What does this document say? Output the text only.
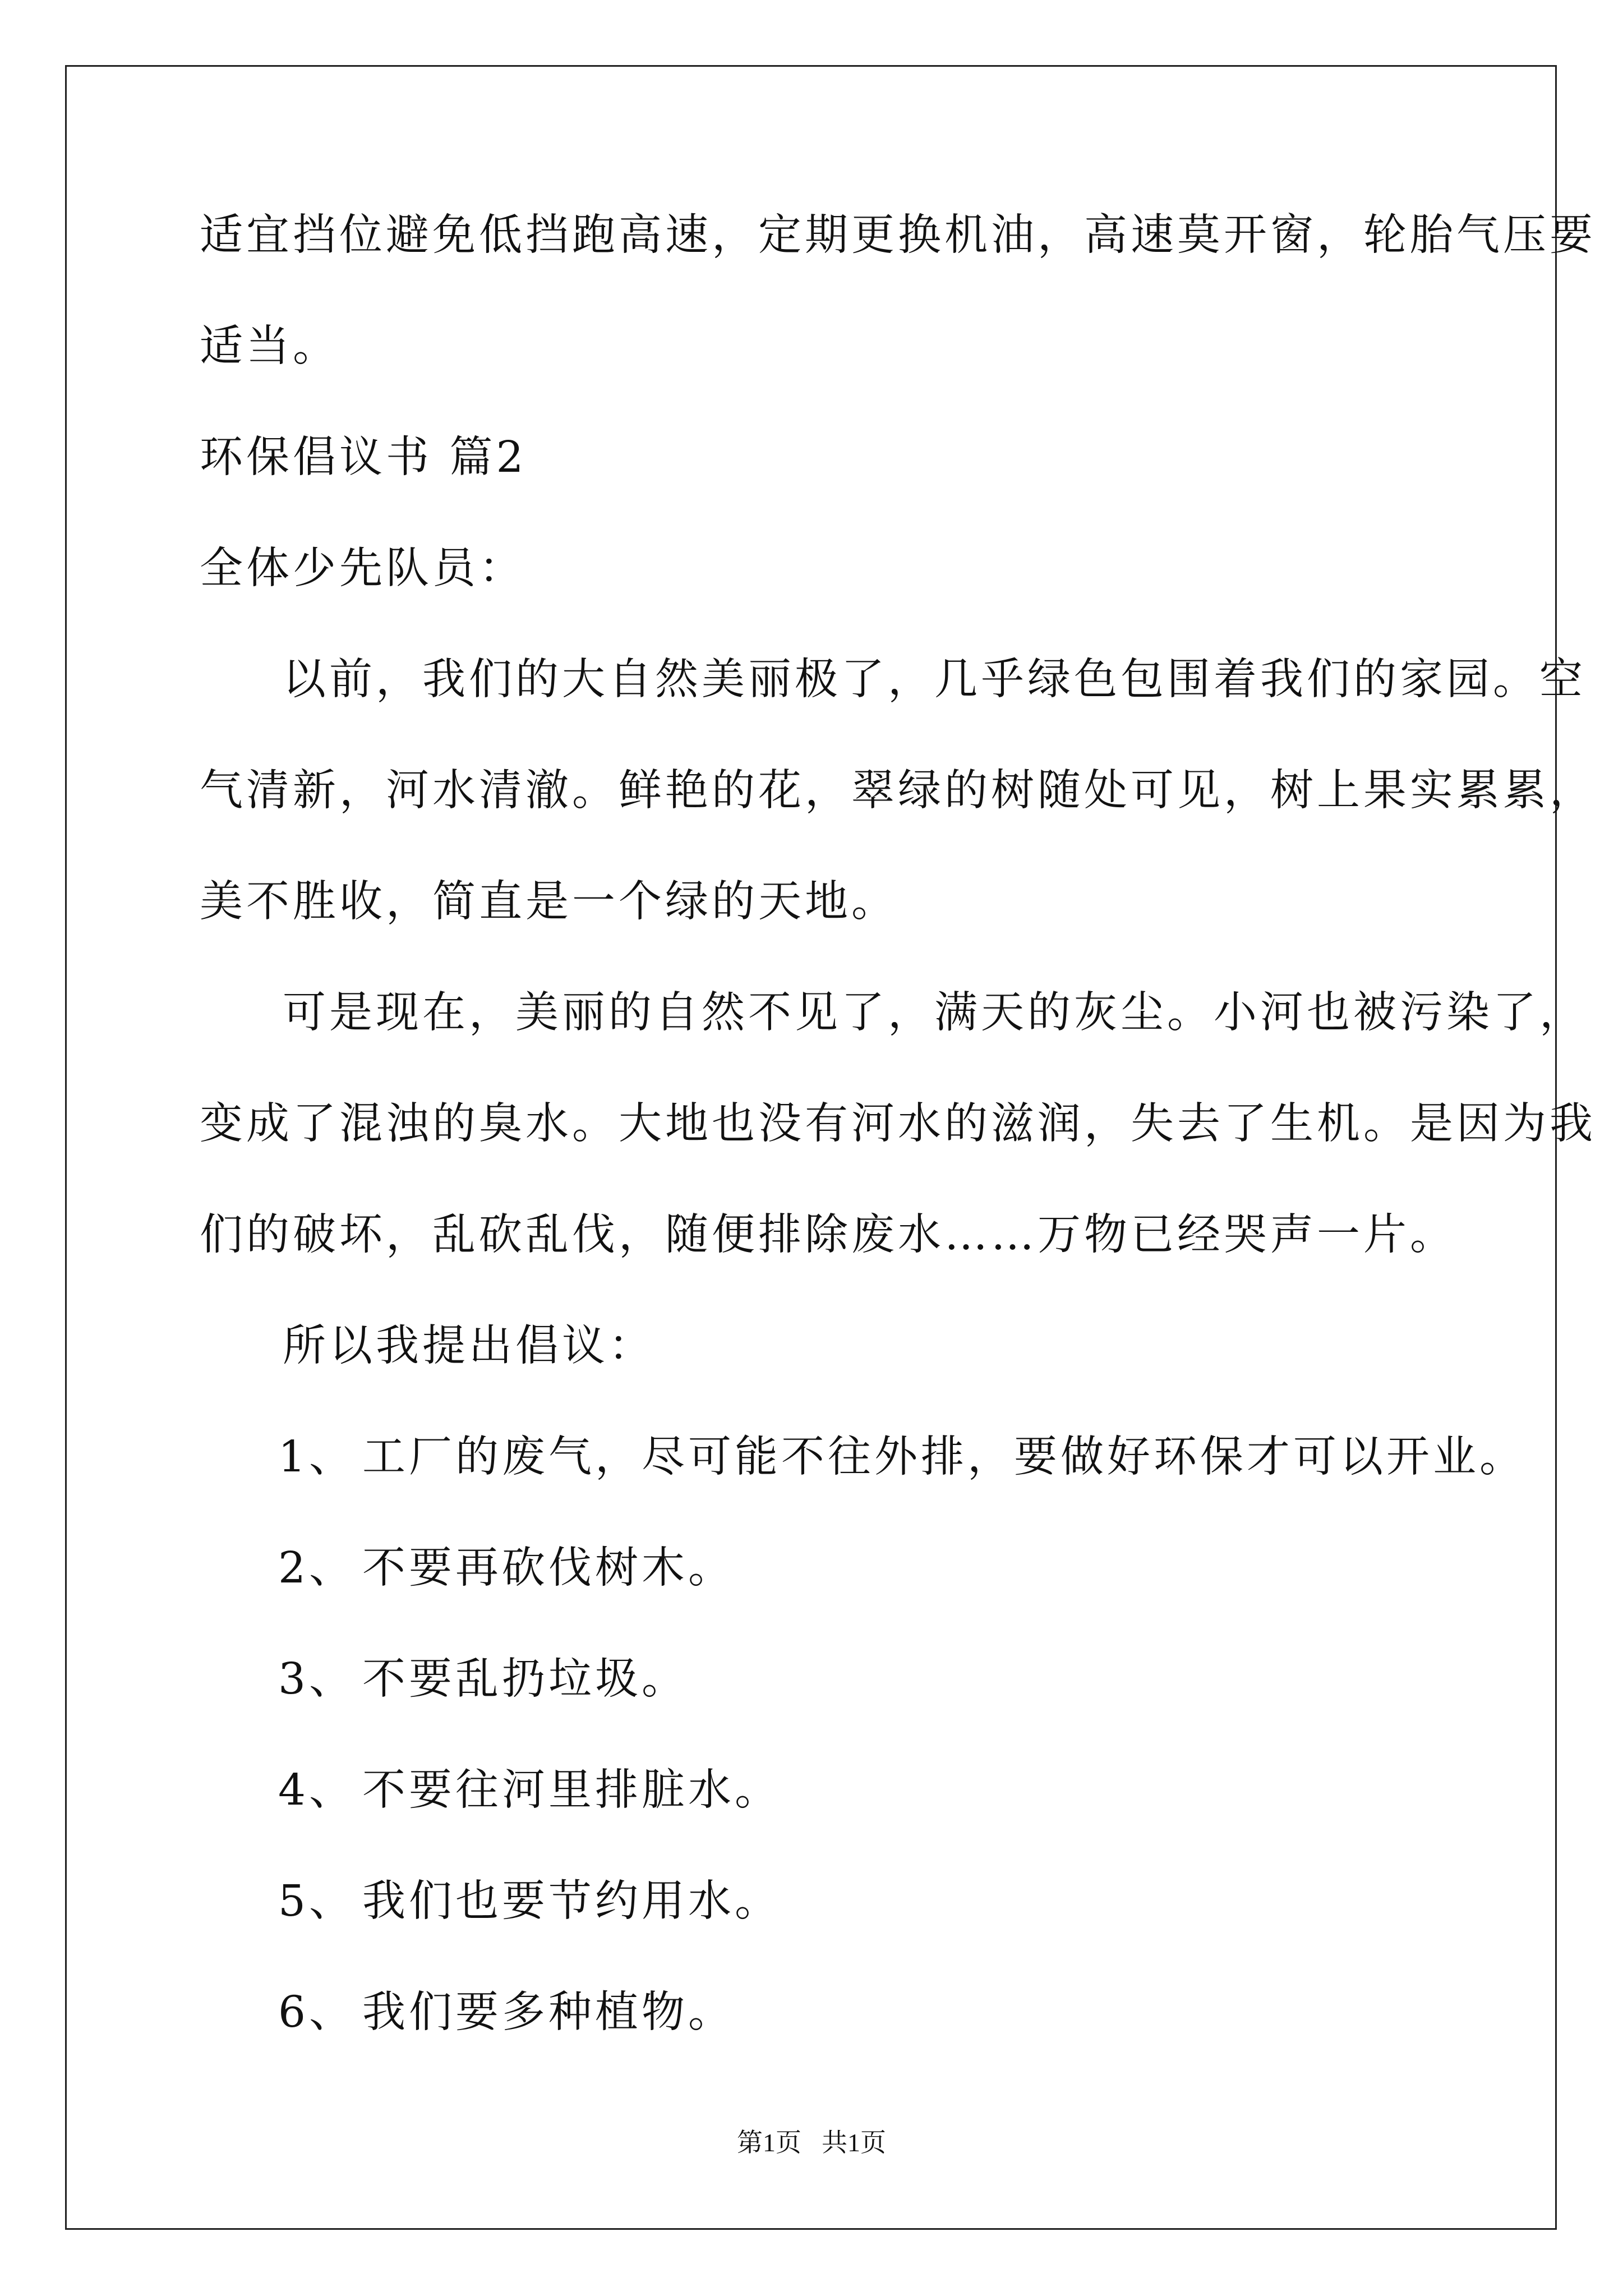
适宜挡位避免低挡跑高速，定期更换机油，高速莫开窗，轮胎气压要
适当。
环保倡议书 篇2
全体少先队员：
以前，我们的大自然美丽极了，几乎绿色包围着我们的家园。空
气清新，河水清澈。鲜艳的花，翠绿的树随处可见，树上果实累累，
美不胜收，简直是一个绿的天地。
可是现在，美丽的自然不见了，满天的灰尘。小河也被污染了，
变成了混浊的臭水。大地也没有河水的滋润，失去了生机。是因为我
们的破坏，乱砍乱伐，随便排除废水……万物已经哭声一片。
所以我提出倡议：
1、 工厂的废气，尽可能不往外排，要做好环保才可以开业。
2、 不要再砍伐树木。
3、 不要乱扔垃圾。
4、 不要往河里排脏水。
5、 我们也要节约用水。
6、 我们要多种植物。
第1页 共1页
